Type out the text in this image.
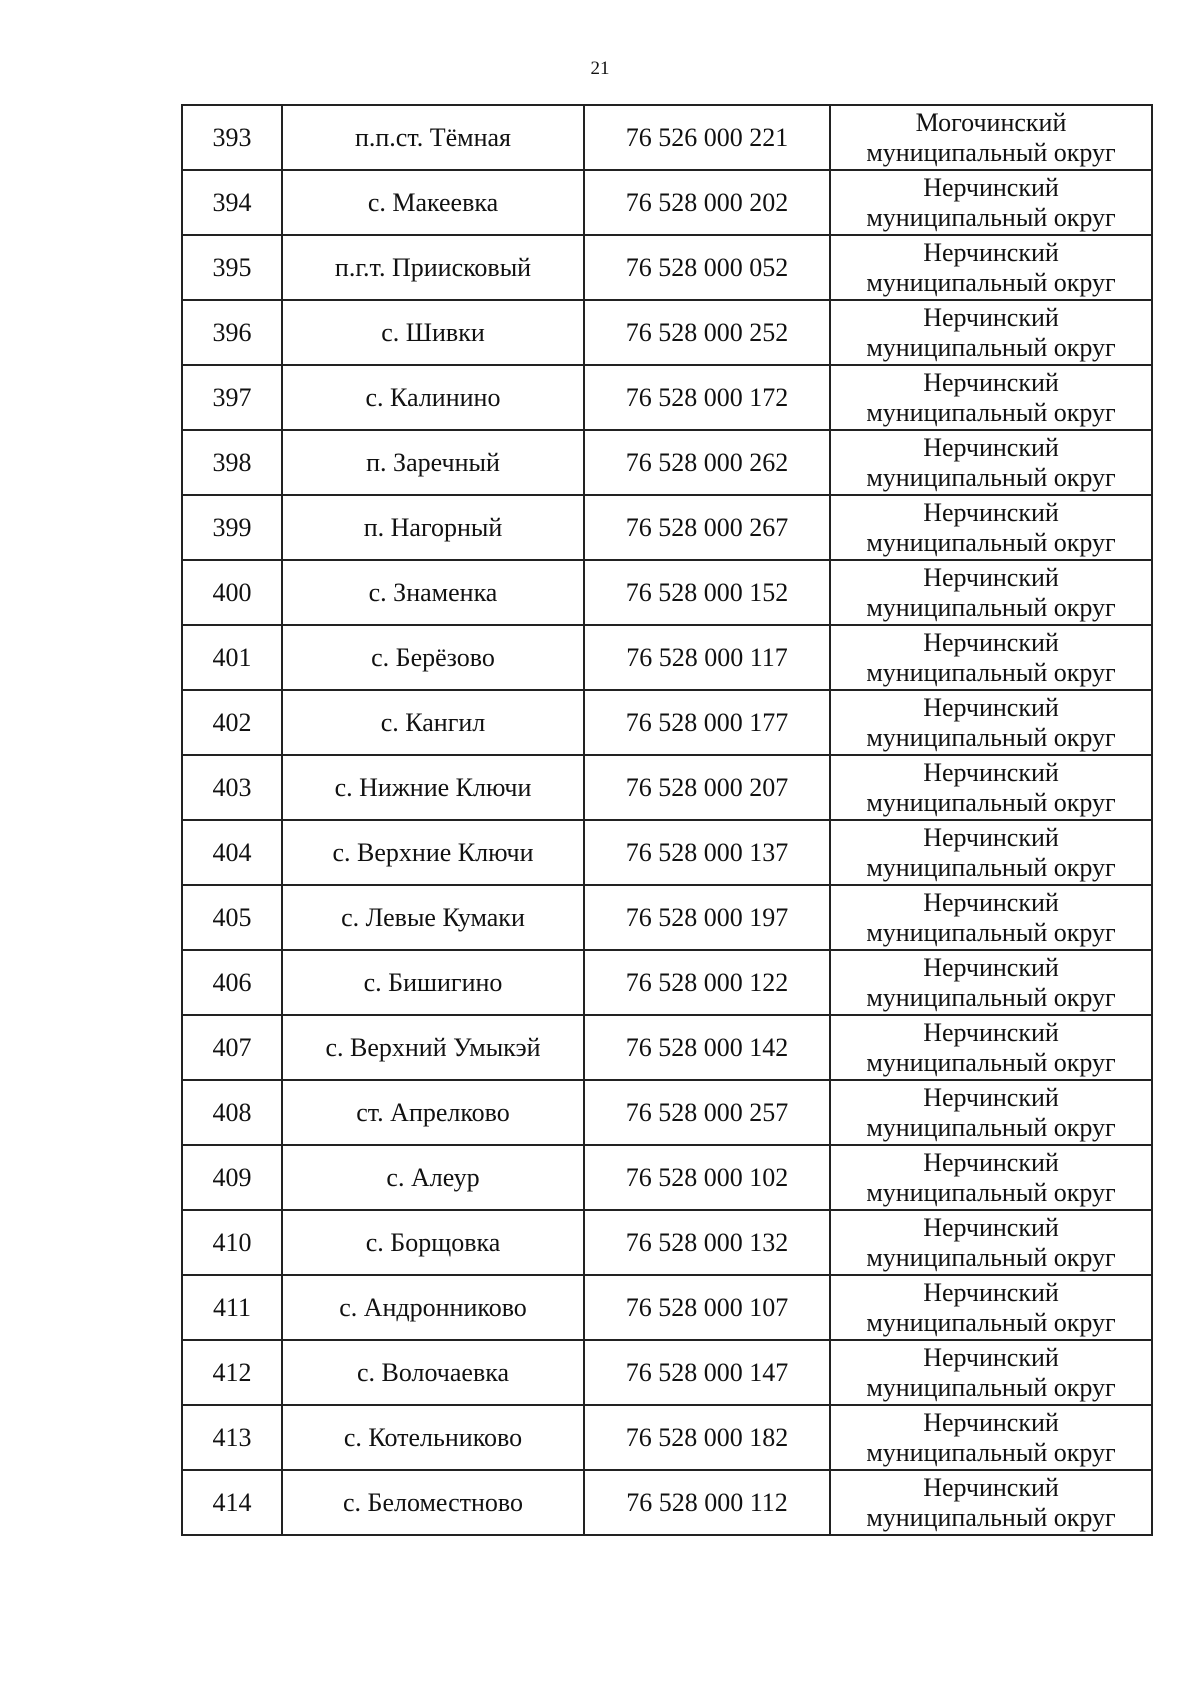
21
393	п.п.ст. Тёмная	76 526 000 221	Могочинский
муниципальный округ

394	с. Макеевка	76 528 000 202	Нерчинский
муниципальный округ

395	п.г.т. Приисковый	76 528 000 052	Нерчинский
муниципальный округ

396	с. Шивки	76 528 000 252	Нерчинский
муниципальный округ

397	с. Калинино	76 528 000 172	Нерчинский
муниципальный округ

398	п. Заречный	76 528 000 262	Нерчинский
муниципальный округ

399	п. Нагорный	76 528 000 267	Нерчинский
муниципальный округ

400	с. Знаменка	76 528 000 152	Нерчинский
муниципальный округ

401	с. Берёзово	76 528 000 117	Нерчинский
муниципальный округ

402	с. Кангил	76 528 000 177	Нерчинский
муниципальный округ

403	с. Нижние Ключи	76 528 000 207	Нерчинский
муниципальный округ

404	с. Верхние Ключи	76 528 000 137	Нерчинский
муниципальный округ

405	с. Левые Кумаки	76 528 000 197	Нерчинский
муниципальный округ

406	с. Бишигино	76 528 000 122	Нерчинский
муниципальный округ

407	с. Верхний Умыкэй	76 528 000 142	Нерчинский
муниципальный округ

408	ст. Апрелково	76 528 000 257	Нерчинский
муниципальный округ

409	с. Алеур	76 528 000 102	Нерчинский
муниципальный округ

410	с. Борщовка	76 528 000 132	Нерчинский
муниципальный округ

411	с. Андронниково	76 528 000 107	Нерчинский
муниципальный округ

412	с. Волочаевка	76 528 000 147	Нерчинский
муниципальный округ

413	с. Котельниково	76 528 000 182	Нерчинский
муниципальный округ

414	с. Беломестново	76 528 000 112	Нерчинский
муниципальный округ
